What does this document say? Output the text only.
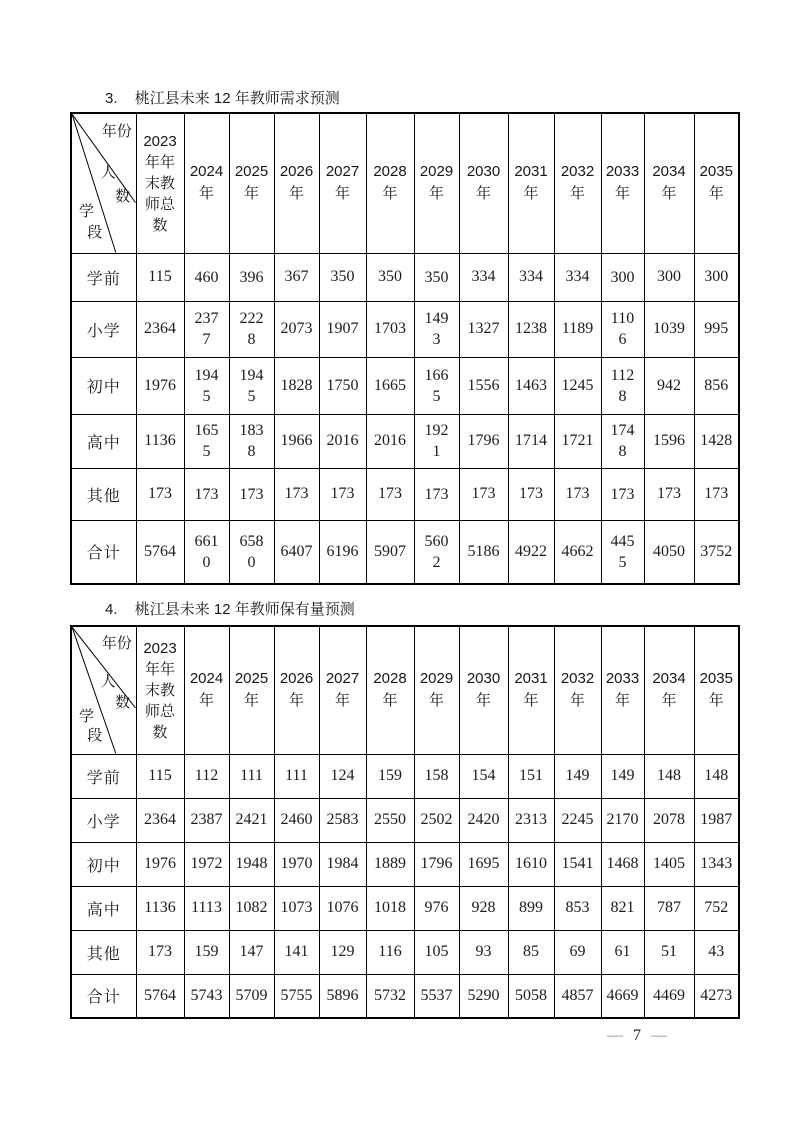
3. 桃江县未来 12 年教师需求预测
年份
人
数
学
段	2023年年末教师总数	2024年	2025年	2026年	2027年	2028年	2029年	2030年	2031年	2032年	2033年	2034年	2035年
学前	115	460	396	367	350	350	350	334	334	334	300	300	300
小学	2364	2377	2228	2073	1907	1703	1493	1327	1238	1189	1106	1039	995
初中	1976	1945	1945	1828	1750	1665	1665	1556	1463	1245	1128	942	856
高中	1136	1655	1838	1966	2016	2016	1921	1796	1714	1721	1748	1596	1428
其他	173	173	173	173	173	173	173	173	173	173	173	173	173
合计	5764	6610	6580	6407	6196	5907	5602	5186	4922	4662	4455	4050	3752
4. 桃江县未来 12 年教师保有量预测
年份
人
数
学
段	2023年年末教师总数	2024年	2025年	2026年	2027年	2028年	2029年	2030年	2031年	2032年	2033年	2034年	2035年
学前	115	112	111	111	124	159	158	154	151	149	149	148	148
小学	2364	2387	2421	2460	2583	2550	2502	2420	2313	2245	2170	2078	1987
初中	1976	1972	1948	1970	1984	1889	1796	1695	1610	1541	1468	1405	1343
高中	1136	1113	1082	1073	1076	1018	976	928	899	853	821	787	752
其他	173	159	147	141	129	116	105	93	85	69	61	51	43
合计	5764	5743	5709	5755	5896	5732	5537	5290	5058	4857	4669	4469	4273
— 7 —
